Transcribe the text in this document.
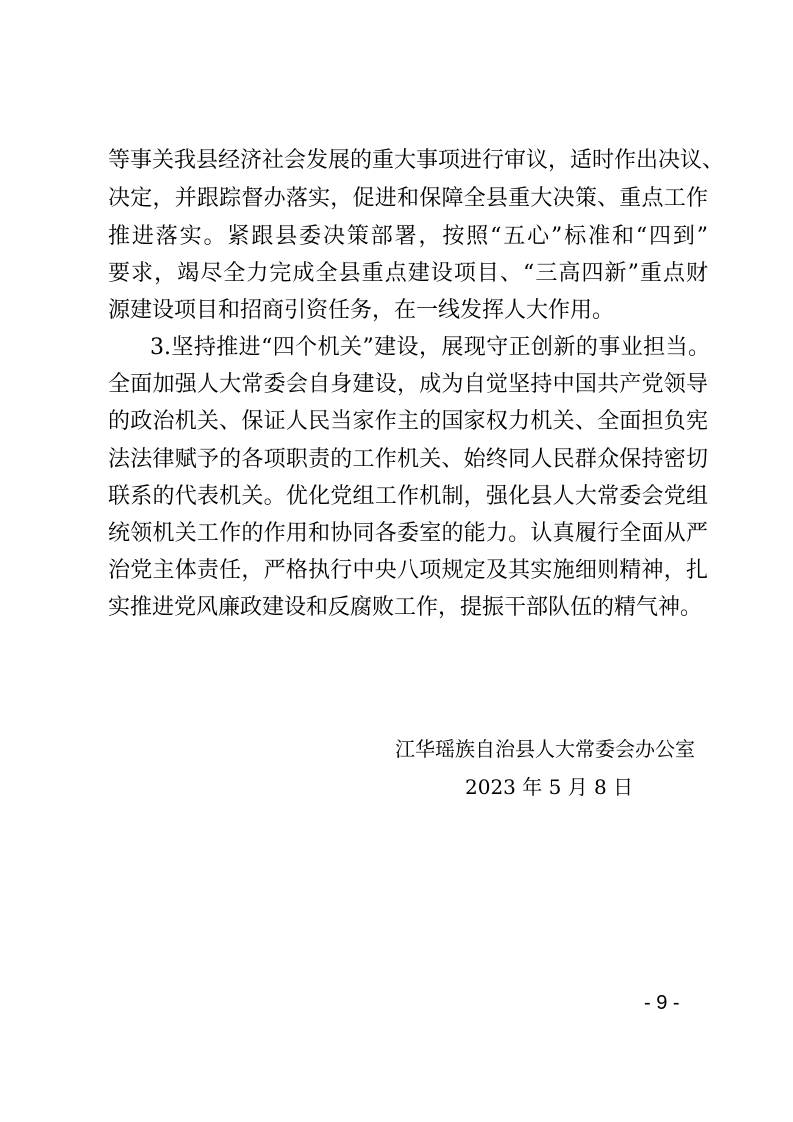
等事关我县经济社会发展的重大事项进行审议，适时作出决议、
决定，并跟踪督办落实，促进和保障全县重大决策、重点工作
推进落实。紧跟县委决策部署，按照“五心”标准和“四到”
要求，竭尽全力完成全县重点建设项目、“三高四新”重点财
源建设项目和招商引资任务，在一线发挥人大作用。
3.坚持推进“四个机关”建设，展现守正创新的事业担当。
全面加强人大常委会自身建设，成为自觉坚持中国共产党领导
的政治机关、保证人民当家作主的国家权力机关、全面担负宪
法法律赋予的各项职责的工作机关、始终同人民群众保持密切
联系的代表机关。优化党组工作机制，强化县人大常委会党组
统领机关工作的作用和协同各委室的能力。认真履行全面从严
治党主体责任，严格执行中央八项规定及其实施细则精神，扎
实推进党风廉政建设和反腐败工作，提振干部队伍的精气神。
江华瑶族自治县人大常委会办公室
2023 年 5 月 8 日
- 9 -
